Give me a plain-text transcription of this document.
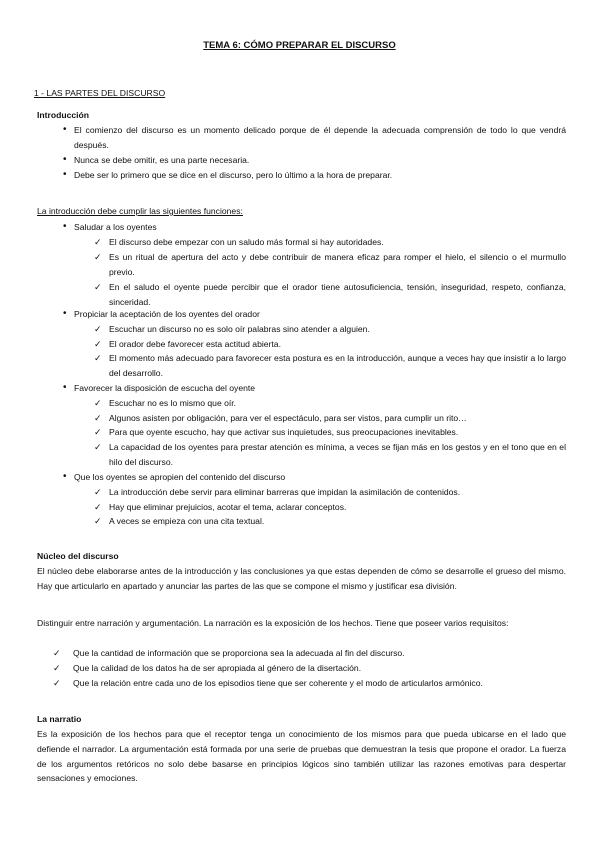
TEMA 6: CÓMO PREPARAR EL DISCURSO
1 - LAS PARTES DEL DISCURSO
Introducción
• El comienzo del discurso es un momento delicado porque de él depende la adecuada comprensión de todo lo que vendrá después.
• Nunca se debe omitir, es una parte necesaria.
• Debe ser lo primero que se dice en el discurso, pero lo último a la hora de preparar.
La introducción debe cumplir las siguientes funciones:
• Saludar a los oyentes
✓ El discurso debe empezar con un saludo más formal si hay autoridades.
✓ Es un ritual de apertura del acto y debe contribuir de manera eficaz para romper el hielo, el silencio o el murmullo previo.
✓ En el saludo el oyente puede percibir que el orador tiene autosuficiencia, tensión, inseguridad, respeto, confianza, sinceridad.
• Propiciar la aceptación de los oyentes del orador
✓ Escuchar un discurso no es solo oír palabras sino atender a alguien.
✓ El orador debe favorecer esta actitud abierta.
✓ El momento más adecuado para favorecer esta postura es en la introducción, aunque a veces hay que insistir a lo largo del desarrollo.
• Favorecer la disposición de escucha del oyente
✓ Escuchar no es lo mismo que oír.
✓ Algunos asisten por obligación, para ver el espectáculo, para ser vistos, para cumplir un rito…
✓ Para que oyente escucho, hay que activar sus inquietudes, sus preocupaciones inevitables.
✓ La capacidad de los oyentes para prestar atención es mínima, a veces se fijan más en los gestos y en el tono que en el hilo del discurso.
• Que los oyentes se apropien del contenido del discurso
✓ La introducción debe servir para eliminar barreras que impidan la asimilación de contenidos.
✓ Hay que eliminar prejuicios, acotar el tema, aclarar conceptos.
✓ A veces se empieza con una cita textual.
Núcleo del discurso
El núcleo debe elaborarse antes de la introducción y las conclusiones ya que estas dependen de cómo se desarrolle el grueso del mismo. Hay que articularlo en apartado y anunciar las partes de las que se compone el mismo y justificar esa división.
Distinguir entre narración y argumentación. La narración es la exposición de los hechos. Tiene que poseer varios requisitos:
✓	Que la cantidad de información que se proporciona sea la adecuada al fin del discurso.
✓	Que la calidad de los datos ha de ser apropiada al género de la disertación.
✓	Que la relación entre cada uno de los episodios tiene que ser coherente y el modo de articularlos armónico.
La narratio
Es la exposición de los hechos para que el receptor tenga un conocimiento de los mismos para que pueda ubicarse en el lado que defiende el narrador. La argumentación está formada por una serie de pruebas que demuestran la tesis que propone el orador. La fuerza de los argumentos retóricos no solo debe basarse en principios lógicos sino también utilizar las razones emotivas para despertar sensaciones y emociones.
